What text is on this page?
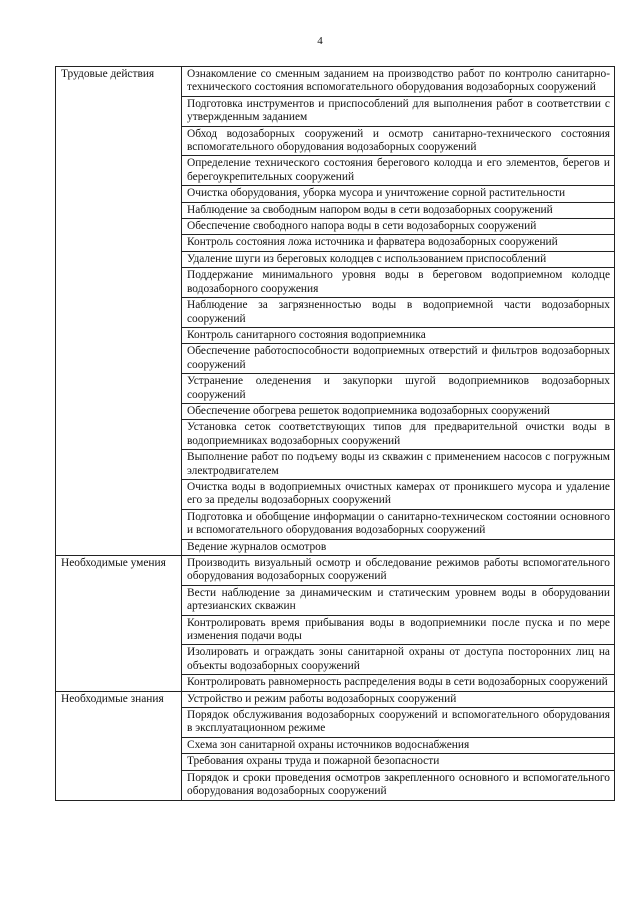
4
Трудовые действия	Ознакомление со сменным заданием на производство работ по контролю санитарно-технического состояния вспомогательного оборудования водозаборных сооружений
	Подготовка инструментов и приспособлений для выполнения работ в соответствии с утвержденным заданием
	Обход водозаборных сооружений и осмотр санитарно-технического состояния вспомогательного оборудования водозаборных сооружений
	Определение технического состояния берегового колодца и его элементов, берегов и берегоукрепительных сооружений
	Очистка оборудования, уборка мусора и уничтожение сорной растительности
	Наблюдение за свободным напором воды в сети водозаборных сооружений
	Обеспечение свободного напора воды в сети водозаборных сооружений
	Контроль состояния ложа источника и фарватера водозаборных сооружений
	Удаление шуги из береговых колодцев с использованием приспособлений
	Поддержание минимального уровня воды в береговом водоприемном колодце водозаборного сооружения
	Наблюдение за загрязненностью воды в водоприемной части водозаборных сооружений
	Контроль санитарного состояния водоприемника
	Обеспечение работоспособности водоприемных отверстий и фильтров водозаборных сооружений
	Устранение оледенения и закупорки шугой водоприемников водозаборных сооружений
	Обеспечение обогрева решеток водоприемника водозаборных сооружений
	Установка сеток соответствующих типов для предварительной очистки воды в водоприемниках водозаборных сооружений
	Выполнение работ по подъему воды из скважин с применением насосов с погружным электродвигателем
	Очистка воды в водоприемных очистных камерах от проникшего мусора и удаление его за пределы водозаборных сооружений
	Подготовка и обобщение информации о санитарно-техническом состоянии основного и вспомогательного оборудования водозаборных сооружений
	Ведение журналов осмотров
Необходимые умения	Производить визуальный осмотр и обследование режимов работы вспомогательного оборудования водозаборных сооружений
	Вести наблюдение за динамическим и статическим уровнем воды в оборудовании артезианских скважин
	Контролировать время прибывания воды в водоприемники после пуска и по мере изменения подачи воды
	Изолировать и ограждать зоны санитарной охраны от доступа посторонних лиц на объекты водозаборных сооружений
	Контролировать равномерность распределения воды в сети водозаборных сооружений
Необходимые знания	Устройство и режим работы водозаборных сооружений
	Порядок обслуживания водозаборных сооружений и вспомогательного оборудования в эксплуатационном режиме
	Схема зон санитарной охраны источников водоснабжения
	Требования охраны труда и пожарной безопасности
	Порядок и сроки проведения осмотров закрепленного основного и вспомогательного оборудования водозаборных сооружений
